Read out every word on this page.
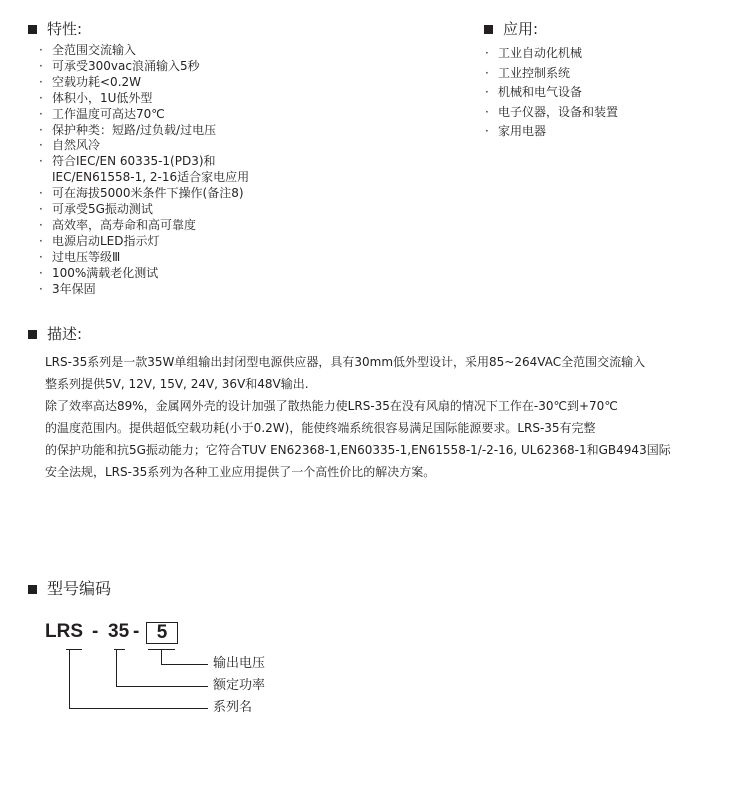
特性:
· 全范围交流输入
· 可承受300vac浪涌输入5秒
· 空载功耗<0.2W
· 体积小，1U低外型
· 工作温度可高达70℃
· 保护种类：短路/过负载/过电压
· 自然风冷
· 符合IEC/EN 60335-1(PD3)和
IEC/EN61558-1, 2-16适合家电应用
· 可在海拔5000米条件下操作(备注8)
· 可承受5G振动测试
· 高效率，高寿命和高可靠度
· 电源启动LED指示灯
· 过电压等级Ⅲ
· 100%满载老化测试
· 3年保固
应用:
· 工业自动化机械
· 工业控制系统
· 机械和电气设备
· 电子仪器，设备和装置
· 家用电器
描述:

LRS-35系列是一款35W单组输出封闭型电源供应器，具有30mm低外型设计，采用85~264VAC全范围交流输入

整系列提供5V, 12V, 15V, 24V, 36V和48V输出.

除了效率高达89%，金属网外壳的设计加强了散热能力使LRS-35在没有风扇的情况下工作在-30℃到+70℃

的温度范围内。提供超低空载功耗(小于0.2W)，能使终端系统很容易满足国际能源要求。LRS-35有完整

的保护功能和抗5G振动能力；它符合TUV EN62368-1,EN60335-1,EN61558-1/-2-16, UL62368-1和GB4943国际

安全法规，LRS-35系列为各种工业应用提供了一个高性价比的解决方案。

型号编码
LRS - 35 - 5
输出电压
额定功率
系列名
